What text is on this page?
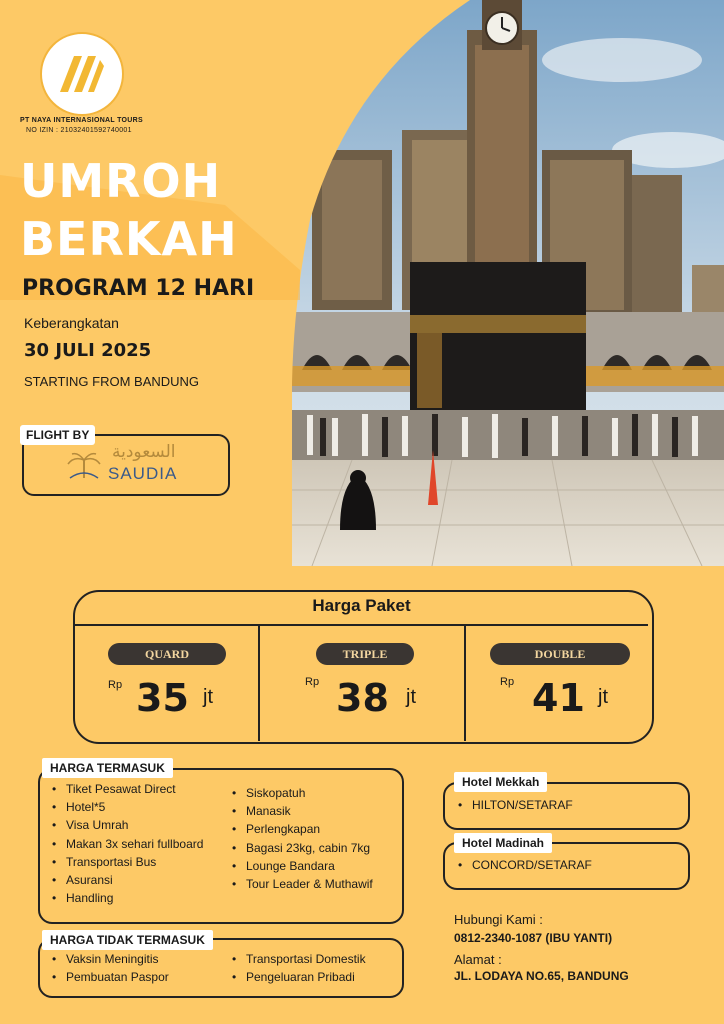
PT NAYA INTERNASIONAL TOURS
NO IZIN : 21032401592740001
UMROH
BERKAH
PROGRAM 12 HARI
Keberangkatan
30 JULI 2025
STARTING FROM BANDUNG
السعودية
SAUDIA
FLIGHT BY
Harga Paket
QUARD
Rp 35 jt
TRIPLE
Rp 38 jt
DOUBLE
Rp 41 jt
HARGA TERMASUK
• Tiket Pesawat Direct
• Hotel*5
• Visa Umrah
• Makan 3x sehari fullboard
• Transportasi Bus
• Asuransi
• Handling
• Siskopatuh
• Manasik
• Perlengkapan
• Bagasi 23kg, cabin 7kg
• Lounge Bandara
• Tour Leader & Muthawif
HARGA TIDAK TERMASUK
• Vaksin Meningitis
• Pembuatan Paspor
• Transportasi Domestik
• Pengeluaran Pribadi
Hotel Mekkah
• HILTON/SETARAF
Hotel Madinah
• CONCORD/SETARAF
Hubungi Kami :
0812-2340-1087 (IBU YANTI)
Alamat :
JL. LODAYA NO.65, BANDUNG
